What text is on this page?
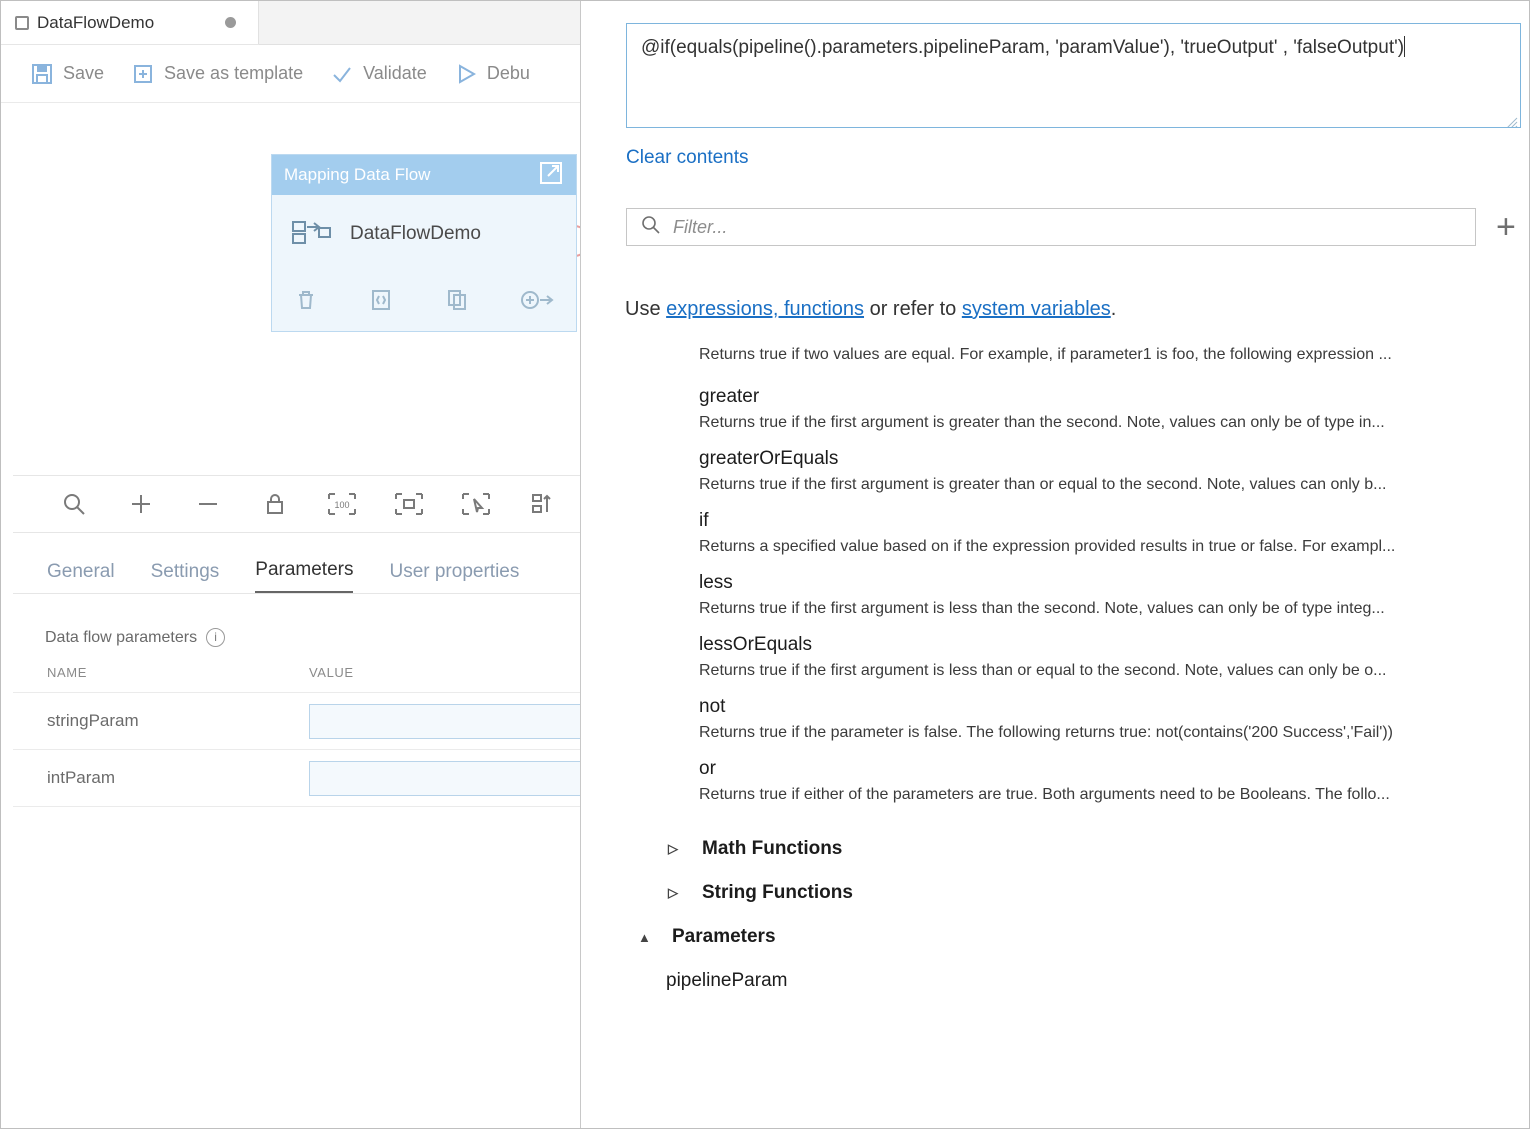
DataFlowDemo
Save	Save as template	Validate	Debu
Mapping Data Flow
DataFlowDemo
100
General Settings Parameters User properties
Data flow parameters	i
NAME	VALUE
stringParam
intParam
@if(equals(pipeline().parameters.pipelineParam, 'paramValue'), 'trueOutput' , 'falseOutput')
Clear contents
Filter...	+
Use expressions, functions or refer to system variables.
Returns true if two values are equal. For example, if parameter1 is foo, the following expression ...
greater
Returns true if the first argument is greater than the second. Note, values can only be of type in...
greaterOrEquals
Returns true if the first argument is greater than or equal to the second. Note, values can only b...
if
Returns a specified value based on if the expression provided results in true or false. For exampl...
less
Returns true if the first argument is less than the second. Note, values can only be of type integ...
lessOrEquals
Returns true if the first argument is less than or equal to the second. Note, values can only be o...
not
Returns true if the parameter is false. The following returns true: not(contains('200 Success','Fail'))
or
Returns true if either of the parameters are true. Both arguments need to be Booleans. The follo...
▷	Math Functions
▷	String Functions
▲ Parameters
pipelineParam
